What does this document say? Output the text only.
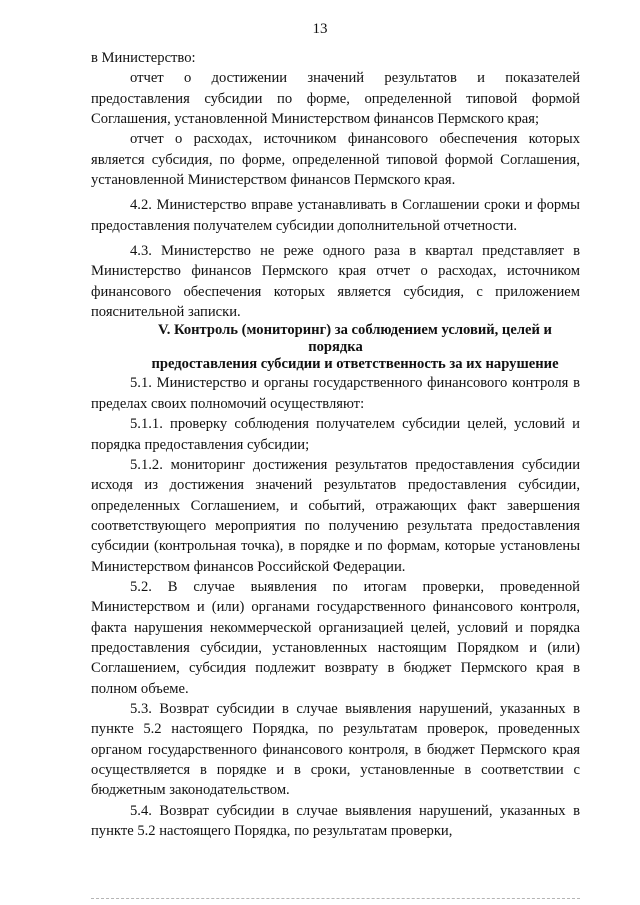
13

в Министерство:

отчет о достижении значений результатов и показателей предоставления субсидии по форме, определенной типовой формой Соглашения, установленной Министерством финансов Пермского края;

отчет о расходах, источником финансового обеспечения которых является субсидия, по форме, определенной типовой формой Соглашения, установленной Министерством финансов Пермского края.

4.2. Министерство вправе устанавливать в Соглашении сроки и формы предоставления получателем субсидии дополнительной отчетности.

4.3. Министерство не реже одного раза в квартал представляет в Министерство финансов Пермского края отчет о расходах, источником финансового обеспечения которых является субсидия, с приложением пояснительной записки.

V. Контроль (мониторинг) за соблюдением условий, целей и порядка
предоставления субсидии и ответственность за их нарушение

5.1. Министерство и органы государственного финансового контроля в пределах своих полномочий осуществляют:

5.1.1. проверку соблюдения получателем субсидии целей, условий и порядка предоставления субсидии;

5.1.2. мониторинг достижения результатов предоставления субсидии исходя из достижения значений результатов предоставления субсидии, определенных Соглашением, и событий, отражающих факт завершения соответствующего мероприятия по получению результата предоставления субсидии (контрольная точка), в порядке и по формам, которые установлены Министерством финансов Российской Федерации.

5.2. В случае выявления по итогам проверки, проведенной Министерством и (или) органами государственного финансового контроля, факта нарушения некоммерческой организацией целей, условий и порядка предоставления субсидии, установленных настоящим Порядком и (или) Соглашением, субсидия подлежит возврату в бюджет Пермского края в полном объеме.

5.3. Возврат субсидии в случае выявления нарушений, указанных в пункте 5.2 настоящего Порядка, по результатам проверок, проведенных органом государственного финансового контроля, в бюджет Пермского края осуществляется в порядке и в сроки, установленные в соответствии с бюджетным законодательством.

5.4. Возврат субсидии в случае выявления нарушений, указанных в пункте 5.2 настоящего Порядка, по результатам проверки,
